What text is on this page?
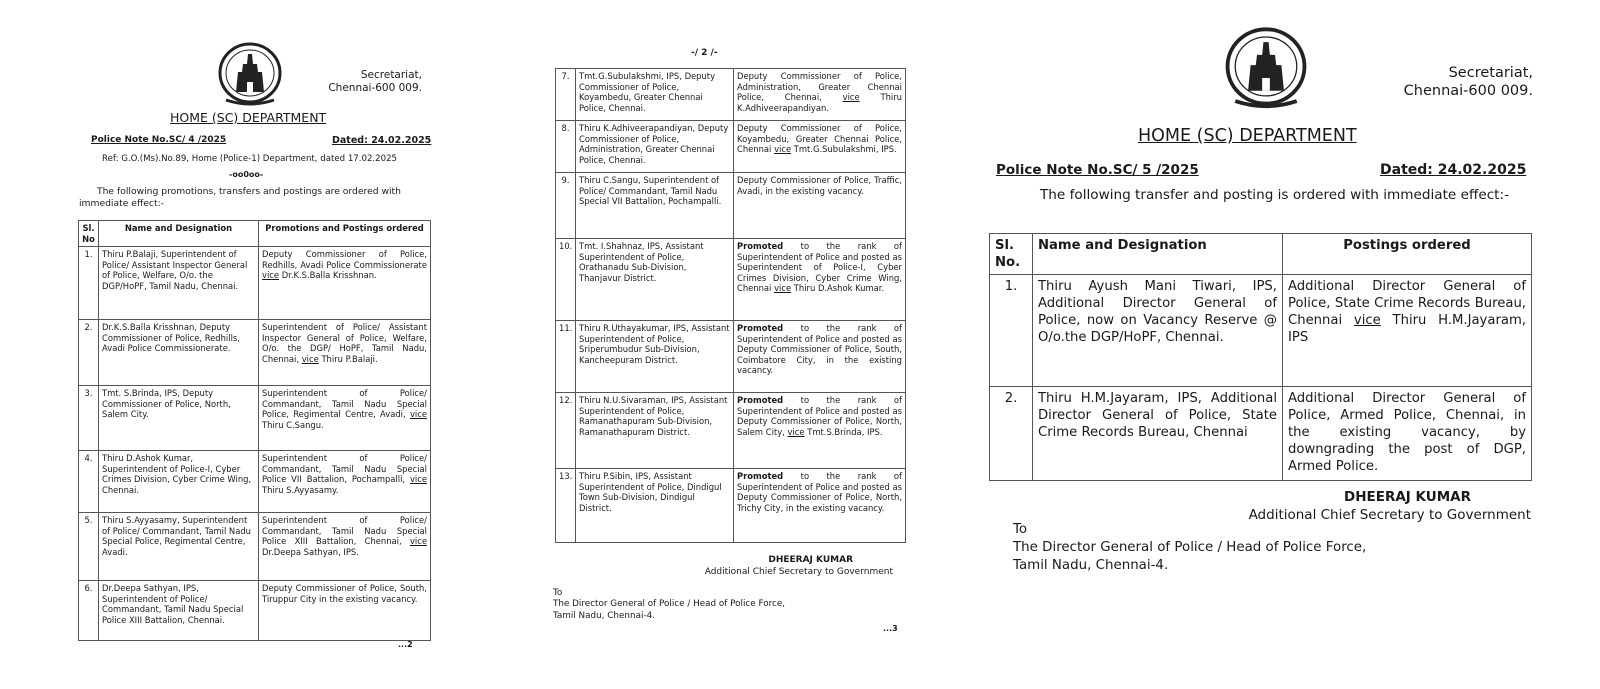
Secretariat,
Chennai-600 009.
HOME (SC) DEPARTMENT
Police Note No.SC/ 4 /2025	Dated: 24.02.2025
Ref: G.O.(Ms).No.89, Home (Police-1) Department, dated 17.02.2025
-oo0oo-
The following promotions, transfers and postings are ordered with immediate effect:-
Sl. No	Name and Designation	Promotions and Postings ordered
1.	Thiru P.Balaji, Superintendent of Police/ Assistant Inspector General of Police, Welfare, O/o. the DGP/HoPF, Tamil Nadu, Chennai.	Deputy Commissioner of Police, Redhills, Avadi Police Commissionerate vice Dr.K.S.Balla Krisshnan.
2.	Dr.K.S.Balla Krisshnan, Deputy Commissioner of Police, Redhills, Avadi Police Commissionerate.	Superintendent of Police/ Assistant Inspector General of Police, Welfare, O/o. the DGP/ HoPF, Tamil Nadu, Chennai, vice Thiru P.Balaji.
3.	Tmt. S.Brinda, IPS, Deputy Commissioner of Police, North, Salem City.	Superintendent of Police/ Commandant, Tamil Nadu Special Police, Regimental Centre, Avadi, vice Thiru C.Sangu.
4.	Thiru D.Ashok Kumar, Superintendent of Police-I, Cyber Crimes Division, Cyber Crime Wing, Chennai.	Superintendent of Police/ Commandant, Tamil Nadu Special Police VII Battalion, Pochampalli, vice Thiru S.Ayyasamy.
5.	Thiru S.Ayyasamy, Superintendent of Police/ Commandant, Tamil Nadu Special Police, Regimental Centre, Avadi.	Superintendent of Police/ Commandant, Tamil Nadu Special Police XIII Battalion, Chennai, vice Dr.Deepa Sathyan, IPS.
6.	Dr.Deepa Sathyan, IPS, Superintendent of Police/ Commandant, Tamil Nadu Special Police XIII Battalion, Chennai.	Deputy Commissioner of Police, South, Tiruppur City in the existing vacancy.
...2
-/ 2 /-
7.	Tmt.G.Subulakshmi, IPS, Deputy Commissioner of Police, Koyambedu, Greater Chennai Police, Chennai.	Deputy Commissioner of Police, Administration, Greater Chennai Police, Chennai, vice Thiru K.Adhiveerapandiyan.
8.	Thiru K.Adhiveerapandiyan, Deputy Commissioner of Police, Administration, Greater Chennai Police, Chennai.	Deputy Commissioner of Police, Koyambedu, Greater Chennai Police, Chennai vice Tmt.G.Subulakshmi, IPS.
9.	Thiru C.Sangu, Superintendent of Police/ Commandant, Tamil Nadu Special VII Battalion, Pochampalli.	Deputy Commissioner of Police, Traffic, Avadi, in the existing vacancy.
10.	Tmt. I.Shahnaz, IPS, Assistant Superintendent of Police, Orathanadu Sub-Division, Thanjavur District.	Promoted to the rank of Superintendent of Police and posted as Superintendent of Police-I, Cyber Crimes Division, Cyber Crime Wing, Chennai vice Thiru D.Ashok Kumar.
11.	Thiru R.Uthayakumar, IPS, Assistant Superintendent of Police, Sriperumbudur Sub-Division, Kancheepuram District.	Promoted to the rank of Superintendent of Police and posted as Deputy Commissioner of Police, South, Coimbatore City, in the existing vacancy.
12.	Thiru N.U.Sivaraman, IPS, Assistant Superintendent of Police, Ramanathapuram Sub-Division, Ramanathapuram District.	Promoted to the rank of Superintendent of Police and posted as Deputy Commissioner of Police, North, Salem City, vice Tmt.S.Brinda, IPS.
13.	Thiru P.Sibin, IPS, Assistant Superintendent of Police, Dindigul Town Sub-Division, Dindigul District.	Promoted to the rank of Superintendent of Police and posted as Deputy Commissioner of Police, North, Trichy City, in the existing vacancy.
DHEERAJ KUMAR
Additional Chief Secretary to Government
To
The Director General of Police / Head of Police Force,
Tamil Nadu, Chennai-4.
...3
Secretariat,
Chennai-600 009.
HOME (SC) DEPARTMENT
Police Note No.SC/ 5 /2025	Dated: 24.02.2025
The following transfer and posting is ordered with immediate effect:-
Sl. No.	Name and Designation	Postings ordered
1.	Thiru Ayush Mani Tiwari, IPS, Additional Director General of Police, now on Vacancy Reserve @ O/o.the DGP/HoPF, Chennai.	Additional Director General of Police, State Crime Records Bureau, Chennai vice Thiru H.M.Jayaram, IPS
2.	Thiru H.M.Jayaram, IPS, Additional Director General of Police, State Crime Records Bureau, Chennai	Additional Director General of Police, Armed Police, Chennai, in the existing vacancy, by downgrading the post of DGP, Armed Police.
DHEERAJ KUMAR
Additional Chief Secretary to Government
To
The Director General of Police / Head of Police Force,
Tamil Nadu, Chennai-4.
